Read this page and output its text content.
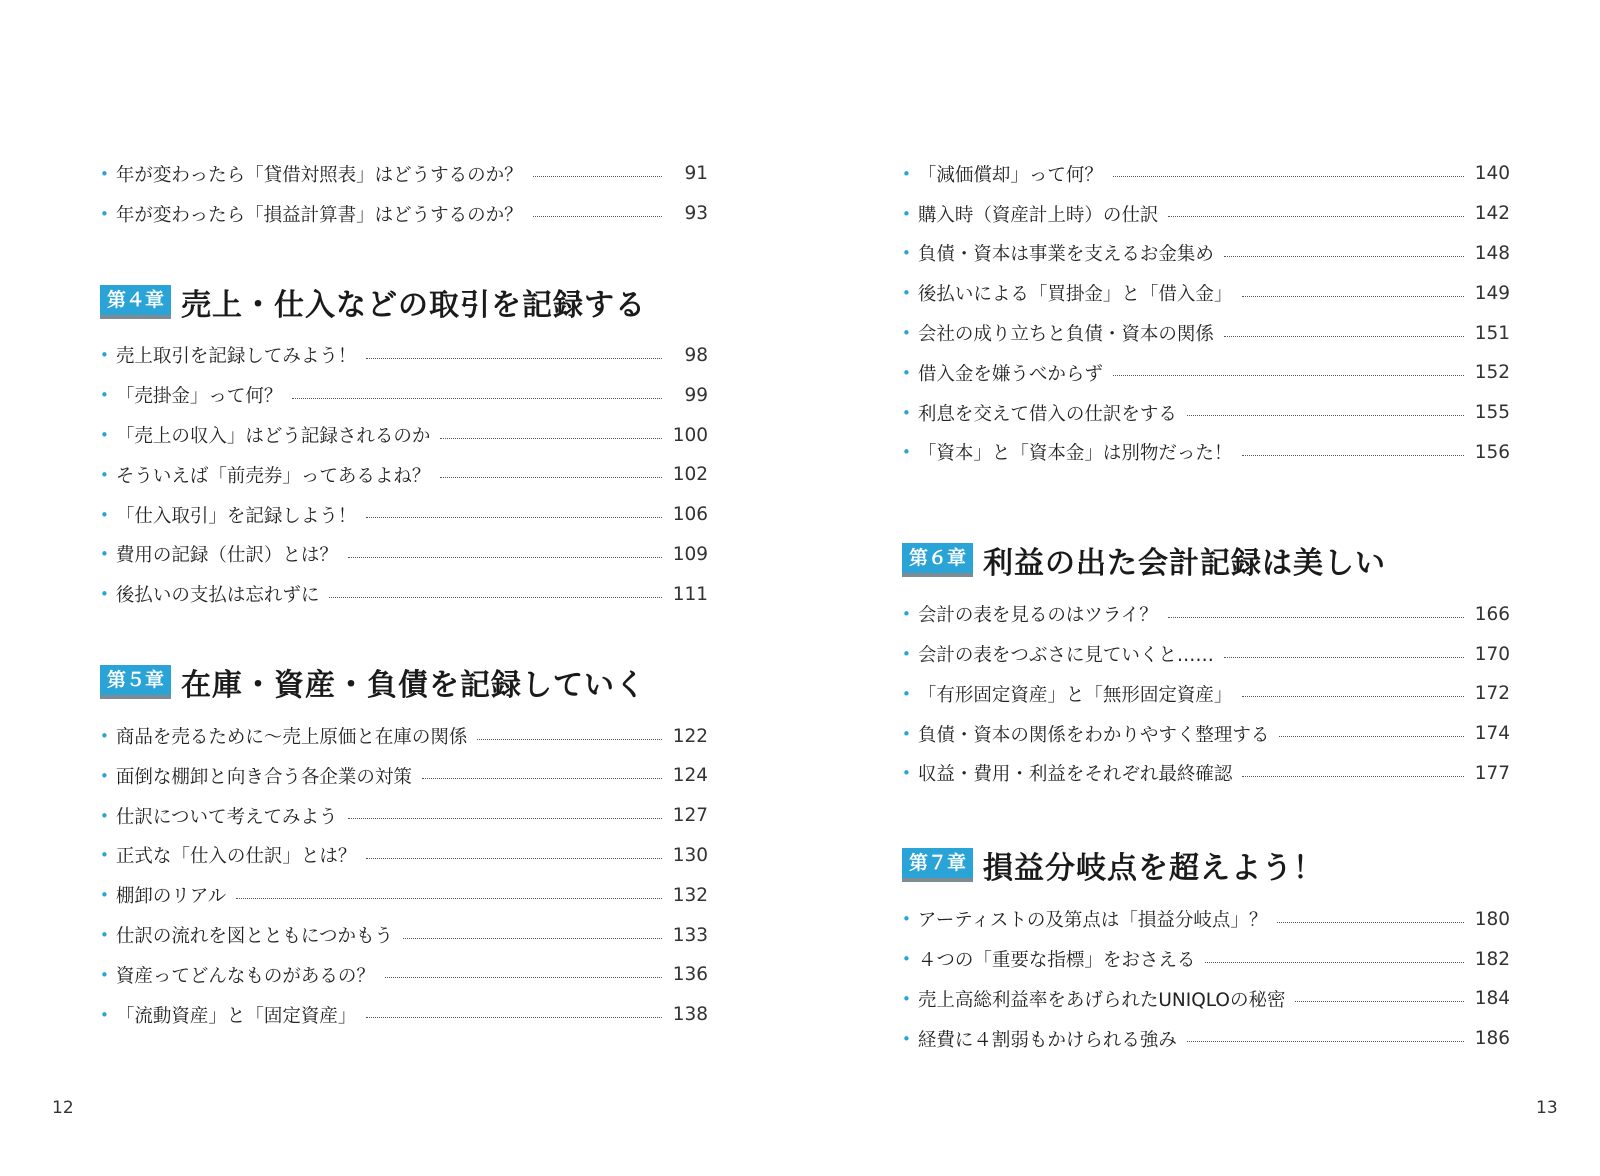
• 年が変わったら「貸借対照表」はどうするのか？	91
• 年が変わったら「損益計算書」はどうするのか？	93
第４章 売上・仕入などの取引を記録する
• 売上取引を記録してみよう！	98
• 「売掛金」って何？	99
• 「売上の収入」はどう記録されるのか	100
• そういえば「前売券」ってあるよね？	102
• 「仕入取引」を記録しよう！	106
• 費用の記録（仕訳）とは？	109
• 後払いの支払は忘れずに	111
第５章 在庫・資産・負債を記録していく
• 商品を売るために〜売上原価と在庫の関係	122
• 面倒な棚卸と向き合う各企業の対策	124
• 仕訳について考えてみよう	127
• 正式な「仕入の仕訳」とは？	130
• 棚卸のリアル	132
• 仕訳の流れを図とともにつかもう	133
• 資産ってどんなものがあるの？	136
• 「流動資産」と「固定資産」	138
• 「減価償却」って何？	140
• 購入時（資産計上時）の仕訳	142
• 負債・資本は事業を支えるお金集め	148
• 後払いによる「買掛金」と「借入金」	149
• 会社の成り立ちと負債・資本の関係	151
• 借入金を嫌うべからず	152
• 利息を交えて借入の仕訳をする	155
• 「資本」と「資本金」は別物だった！	156
第６章 利益の出た会計記録は美しい
• 会計の表を見るのはツライ？	166
• 会計の表をつぶさに見ていくと……	170
• 「有形固定資産」と「無形固定資産」	172
• 負債・資本の関係をわかりやすく整理する	174
• 収益・費用・利益をそれぞれ最終確認	177
第７章 損益分岐点を超えよう！
• アーティストの及第点は「損益分岐点」？	180
• ４つの「重要な指標」をおさえる	182
• 売上高総利益率をあげられたUNIQLOの秘密	184
• 経費に４割弱もかけられる強み	186
12	13
